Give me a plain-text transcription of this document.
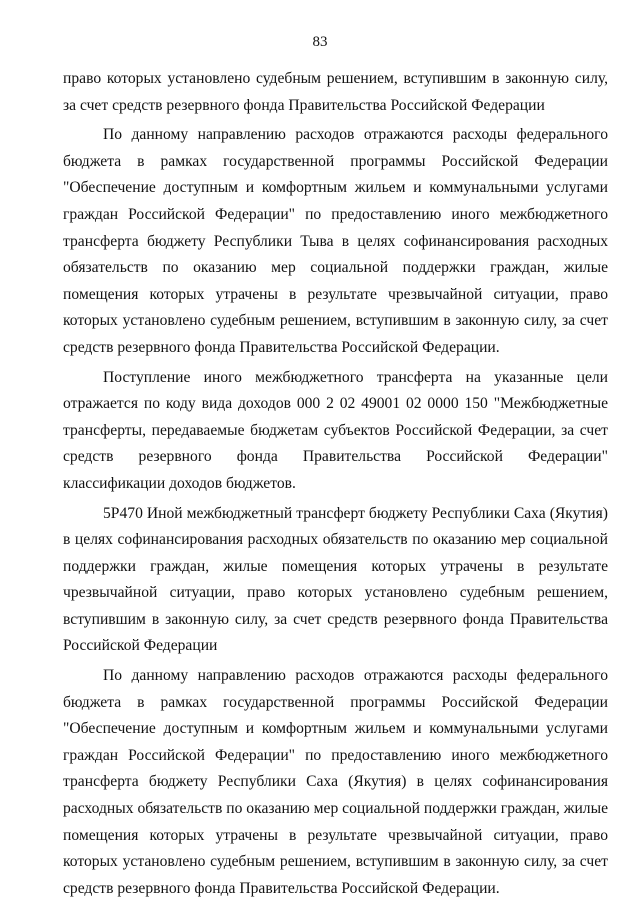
83

право которых установлено судебным решением, вступившим в законную силу, за счет средств резервного фонда Правительства Российской Федерации

По данному направлению расходов отражаются расходы федерального бюджета в рамках государственной программы Российской Федерации "Обеспечение доступным и комфортным жильем и коммунальными услугами граждан Российской Федерации" по предоставлению иного межбюджетного трансферта бюджету Республики Тыва в целях софинансирования расходных обязательств по оказанию мер социальной поддержки граждан, жилые помещения которых утрачены в результате чрезвычайной ситуации, право которых установлено судебным решением, вступившим в законную силу, за счет средств резервного фонда Правительства Российской Федерации.

Поступление иного межбюджетного трансферта на указанные цели отражается по коду вида доходов 000 2 02 49001 02 0000 150 "Межбюджетные трансферты, передаваемые бюджетам субъектов Российской Федерации, за счет средств резервного фонда Правительства Российской Федерации" классификации доходов бюджетов.

5Р470 Иной межбюджетный трансферт бюджету Республики Саха (Якутия) в целях софинансирования расходных обязательств по оказанию мер социальной поддержки граждан, жилые помещения которых утрачены в результате чрезвычайной ситуации, право которых установлено судебным решением, вступившим в законную силу, за счет средств резервного фонда Правительства Российской Федерации

По данному направлению расходов отражаются расходы федерального бюджета в рамках государственной программы Российской Федерации "Обеспечение доступным и комфортным жильем и коммунальными услугами граждан Российской Федерации" по предоставлению иного межбюджетного трансферта бюджету Республики Саха (Якутия) в целях софинансирования расходных обязательств по оказанию мер социальной поддержки граждан, жилые помещения которых утрачены в результате чрезвычайной ситуации, право которых установлено судебным решением, вступившим в законную силу, за счет средств резервного фонда Правительства Российской Федерации.
